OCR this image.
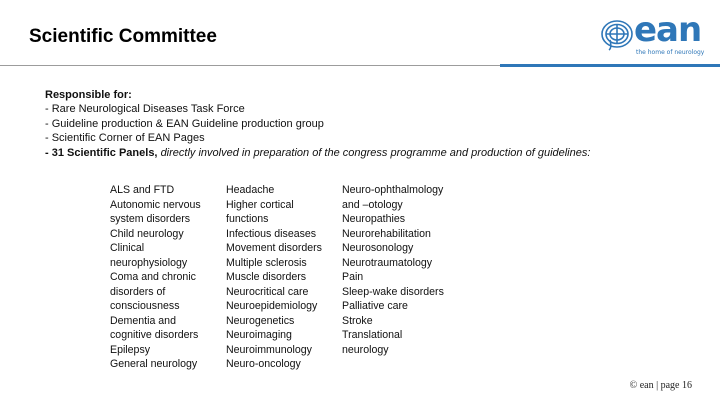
Scientific Committee	ean
the home of neurology
Responsible for:
- Rare Neurological Diseases Task Force
- Guideline production & EAN Guideline production group
- Scientific Corner of EAN Pages
- 31 Scientific Panels, directly involved in preparation of the congress programme and production of guidelines:
ALS and FTD
Autonomic nervous
system disorders
Child neurology
Clinical
neurophysiology
Coma and chronic
disorders of
consciousness
Dementia and
cognitive disorders
Epilepsy
General neurology
Headache
Higher cortical
functions
Infectious diseases
Movement disorders
Multiple sclerosis
Muscle disorders
Neurocritical care
Neuroepidemiology
Neurogenetics
Neuroimaging
Neuroimmunology
Neuro-oncology
Neuro-ophthalmology
and –otology
Neuropathies
Neurorehabilitation
Neurosonology
Neurotraumatology
Pain
Sleep-wake disorders
Palliative care
Stroke
Translational
neurology
© ean | page 16
